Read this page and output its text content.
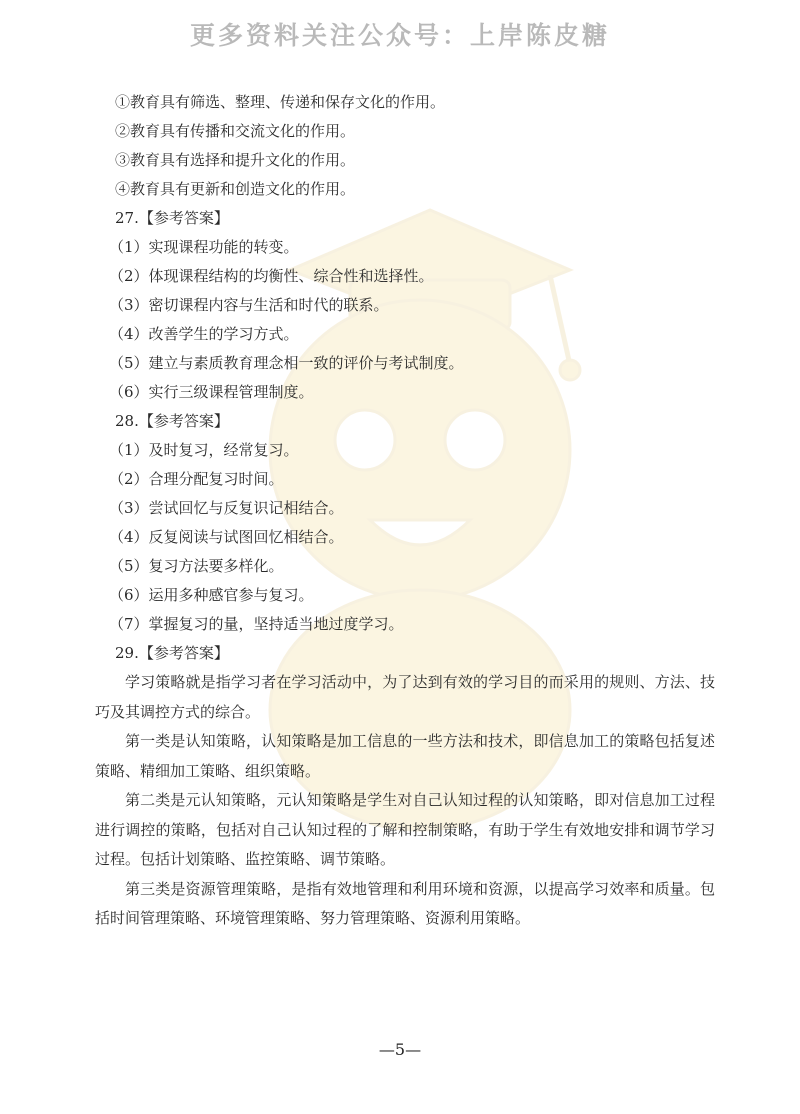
更多资料关注公众号：上岸陈皮糖
①教育具有筛选、整理、传递和保存文化的作用。
②教育具有传播和交流文化的作用。
③教育具有选择和提升文化的作用。
④教育具有更新和创造文化的作用。
27.【参考答案】
（1）实现课程功能的转变。
（2）体现课程结构的均衡性、综合性和选择性。
（3）密切课程内容与生活和时代的联系。
（4）改善学生的学习方式。
（5）建立与素质教育理念相一致的评价与考试制度。
（6）实行三级课程管理制度。
28.【参考答案】
（1）及时复习，经常复习。
（2）合理分配复习时间。
（3）尝试回忆与反复识记相结合。
（4）反复阅读与试图回忆相结合。
（5）复习方法要多样化。
（6）运用多种感官参与复习。
（7）掌握复习的量，坚持适当地过度学习。
29.【参考答案】

学习策略就是指学习者在学习活动中，为了达到有效的学习目的而采用的规则、方法、技巧及其调控方式的综合。

第一类是认知策略，认知策略是加工信息的一些方法和技术，即信息加工的策略包括复述策略、精细加工策略、组织策略。

第二类是元认知策略，元认知策略是学生对自己认知过程的认知策略，即对信息加工过程进行调控的策略，包括对自己认知过程的了解和控制策略，有助于学生有效地安排和调节学习过程。包括计划策略、监控策略、调节策略。

第三类是资源管理策略，是指有效地管理和利用环境和资源，以提高学习效率和质量。包括时间管理策略、环境管理策略、努力管理策略、资源利用策略。

—5—
